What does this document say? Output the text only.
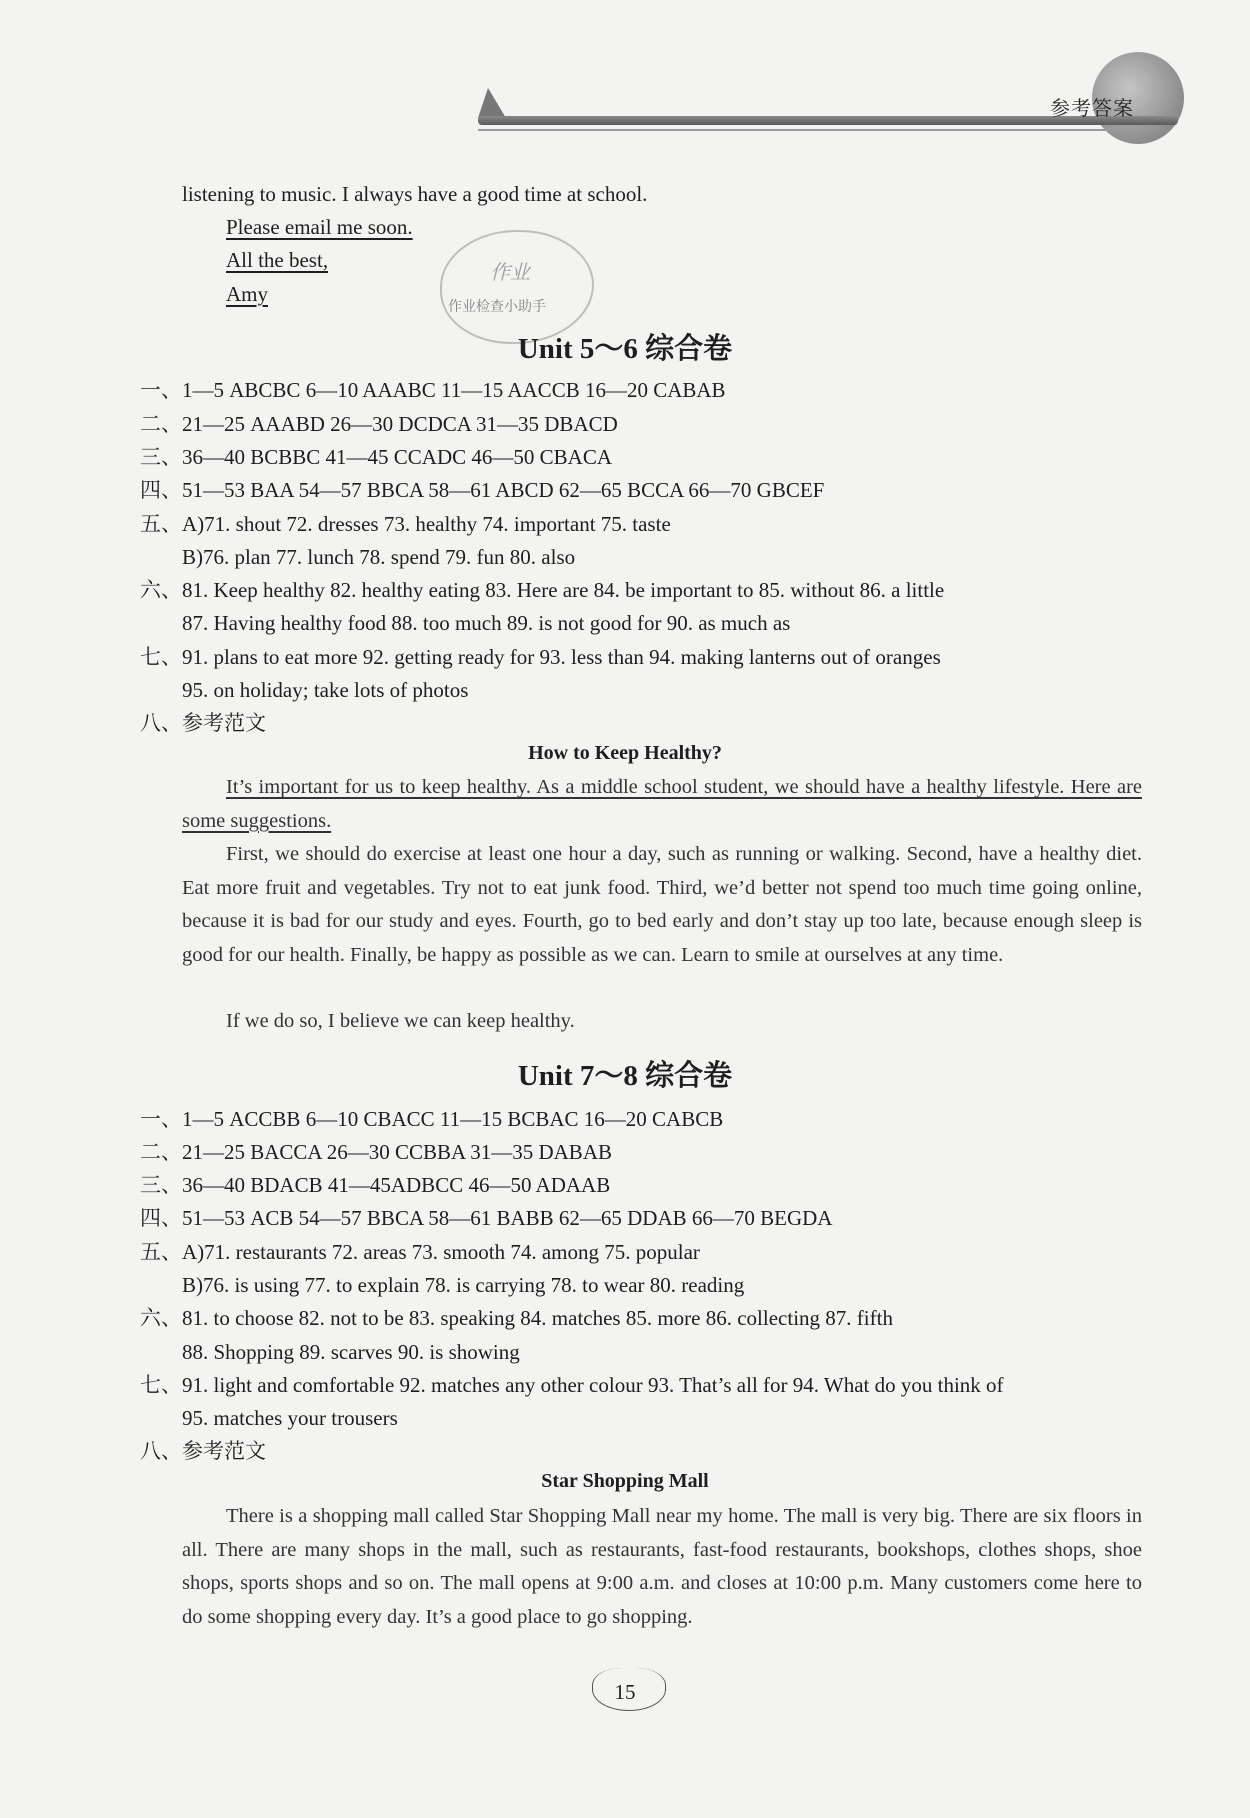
参考答案
listening to music. I always have a good time at school.
Please email me soon.
All the best,
Amy
作业
作业检查小助手
Unit 5～6 综合卷
一、1—5 ABCBC 6—10 AAABC 11—15 AACCB 16—20 CABAB
二、21—25 AAABD 26—30 DCDCA 31—35 DBACD
三、36—40 BCBBC 41—45 CCADC 46—50 CBACA
四、51—53 BAA 54—57 BBCA 58—61 ABCD 62—65 BCCA 66—70 GBCEF
五、A)71. shout 72. dresses 73. healthy 74. important 75. taste
B)76. plan 77. lunch 78. spend 79. fun 80. also
六、81. Keep healthy 82. healthy eating 83. Here are 84. be important to 85. without 86. a little
87. Having healthy food 88. too much 89. is not good for 90. as much as
七、91. plans to eat more 92. getting ready for 93. less than 94. making lanterns out of oranges
95. on holiday; take lots of photos
八、参考范文
How to Keep Healthy?
It’s important for us to keep healthy. As a middle school student, we should have a healthy lifestyle. Here are some suggestions.
First, we should do exercise at least one hour a day, such as running or walking. Second, have a healthy diet. Eat more fruit and vegetables. Try not to eat junk food. Third, we’d better not spend too much time going online, because it is bad for our study and eyes. Fourth, go to bed early and don’t stay up too late, because enough sleep is good for our health. Finally, be happy as possible as we can. Learn to smile at ourselves at any time.
If we do so, I believe we can keep healthy.
Unit 7～8 综合卷
一、1—5 ACCBB 6—10 CBACC 11—15 BCBAC 16—20 CABCB
二、21—25 BACCA 26—30 CCBBA 31—35 DABAB
三、36—40 BDACB 41—45ADBCC 46—50 ADAAB
四、51—53 ACB 54—57 BBCA 58—61 BABB 62—65 DDAB 66—70 BEGDA
五、A)71. restaurants 72. areas 73. smooth 74. among 75. popular
B)76. is using 77. to explain 78. is carrying 78. to wear 80. reading
六、81. to choose 82. not to be 83. speaking 84. matches 85. more 86. collecting 87. fifth
88. Shopping 89. scarves 90. is showing
七、91. light and comfortable 92. matches any other colour 93. That’s all for 94. What do you think of
95. matches your trousers
八、参考范文
Star Shopping Mall
There is a shopping mall called Star Shopping Mall near my home. The mall is very big. There are six floors in all. There are many shops in the mall, such as restaurants, fast-food restaurants, bookshops, clothes shops, shoe shops, sports shops and so on. The mall opens at 9:00 a.m. and closes at 10:00 p.m. Many customers come here to do some shopping every day. It’s a good place to go shopping.
15
